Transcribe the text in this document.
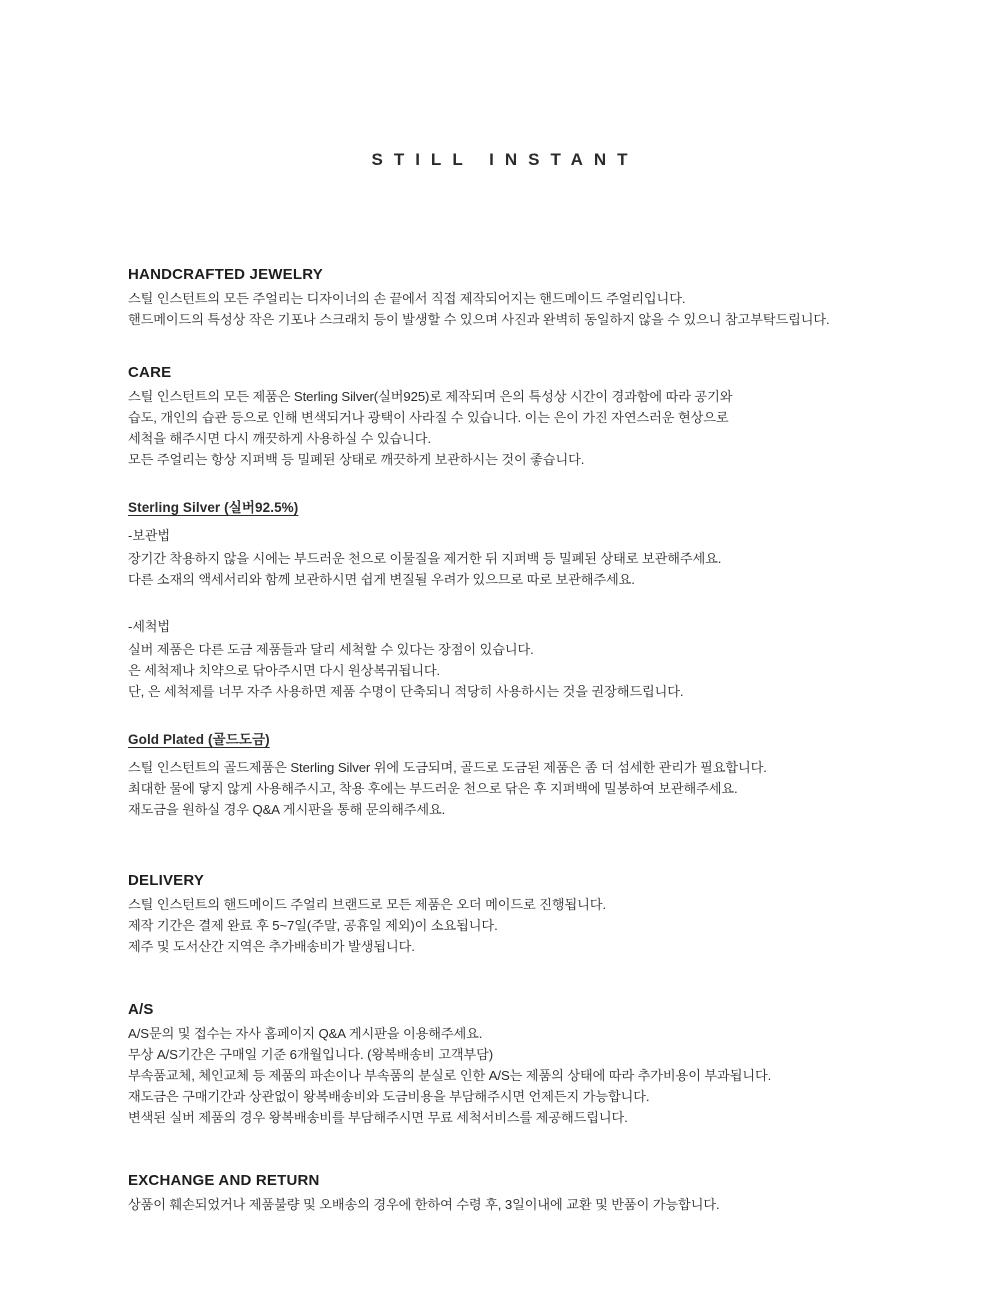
STILL INSTANT
HANDCRAFTED JEWELRY

스틸 인스턴트의 모든 주얼리는 디자이너의 손 끝에서 직접 제작되어지는 핸드메이드 주얼리입니다.

핸드메이드의 특성상 작은 기포나 스크래치 등이 발생할 수 있으며 사진과 완벽히 동일하지 않을 수 있으니 참고부탁드립니다.

CARE

스틸 인스턴트의 모든 제품은 Sterling Silver(실버925)로 제작되며 은의 특성상 시간이 경과함에 따라 공기와

습도, 개인의 습관 등으로 인해 변색되거나 광택이 사라질 수 있습니다. 이는 은이 가진 자연스러운 현상으로

세척을 해주시면 다시 깨끗하게 사용하실 수 있습니다.

모든 주얼리는 항상 지퍼백 등 밀폐된 상태로 깨끗하게 보관하시는 것이 좋습니다.

Sterling Silver (실버92.5%)

-보관법

장기간 착용하지 않을 시에는 부드러운 천으로 이물질을 제거한 뒤 지퍼백 등 밀폐된 상태로 보관해주세요.

다른 소재의 액세서리와 함께 보관하시면 쉽게 변질될 우려가 있으므로 따로 보관해주세요.

-세척법

실버 제품은 다른 도금 제품들과 달리 세척할 수 있다는 장점이 있습니다.

은 세척제나 치약으로 닦아주시면 다시 원상복귀됩니다.

단, 은 세척제를 너무 자주 사용하면 제품 수명이 단축되니 적당히 사용하시는 것을 권장해드립니다.

Gold Plated (골드도금)

스틸 인스턴트의 골드제품은 Sterling Silver 위에 도금되며, 골드로 도금된 제품은 좀 더 섬세한 관리가 필요합니다.

최대한 물에 닿지 않게 사용해주시고, 착용 후에는 부드러운 천으로 닦은 후 지퍼백에 밀봉하여 보관해주세요.

재도금을 원하실 경우 Q&A 게시판을 통해 문의해주세요.

DELIVERY

스틸 인스턴트의 핸드메이드 주얼리 브랜드로 모든 제품은 오더 메이드로 진행됩니다.

제작 기간은 결제 완료 후 5~7일(주말, 공휴일 제외)이 소요됩니다.

제주 및 도서산간 지역은 추가배송비가 발생됩니다.

A/S

A/S문의 및 접수는 자사 홈페이지 Q&A 게시판을 이용해주세요.

무상 A/S기간은 구매일 기준 6개월입니다. (왕복배송비 고객부담)

부속품교체, 체인교체 등 제품의 파손이나 부속품의 분실로 인한 A/S는 제품의 상태에 따라 추가비용이 부과됩니다.

재도금은 구매기간과 상관없이 왕복배송비와 도금비용을 부담해주시면 언제든지 가능합니다.

변색된 실버 제품의 경우 왕복배송비를 부담해주시면 무료 세척서비스를 제공해드립니다.

EXCHANGE AND RETURN

상품이 훼손되었거나 제품불량 및 오배송의 경우에 한하여 수령 후, 3일이내에 교환 및 반품이 가능합니다.
